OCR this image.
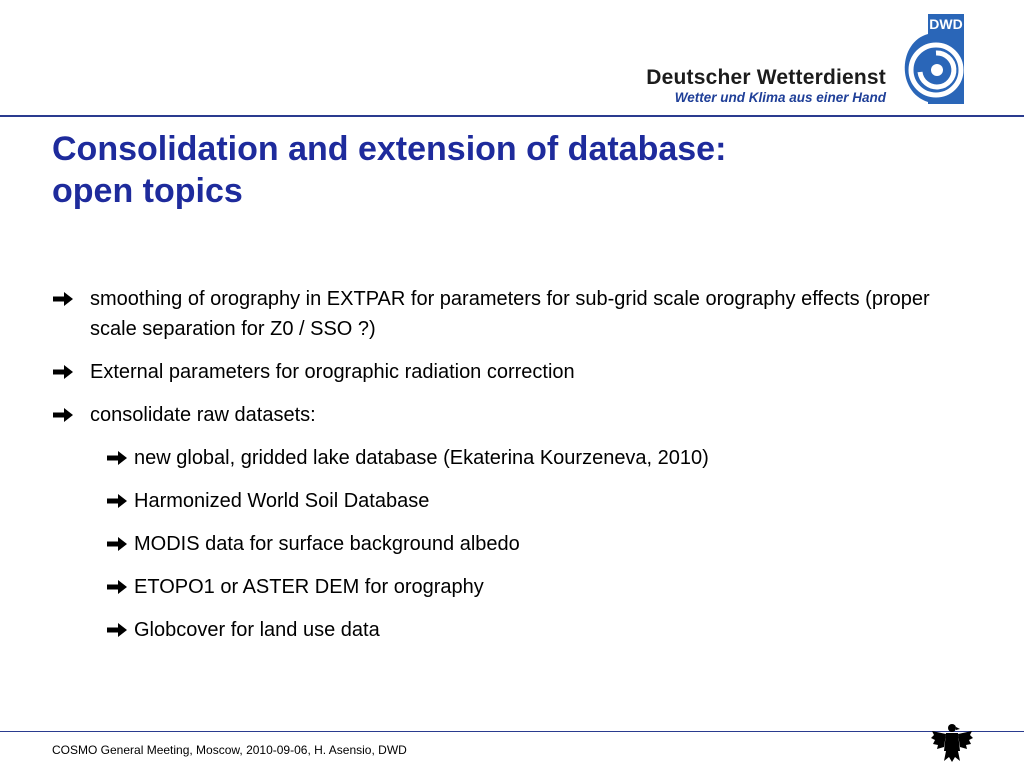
Deutscher Wetterdienst
Wetter und Klima aus einer Hand
DWD
Consolidation and extension of database:
open topics
smoothing of orography in EXTPAR for parameters for sub-grid scale orography effects (proper scale separation for Z0 / SSO ?)
External parameters for orographic radiation correction
consolidate raw datasets:
new global, gridded lake database (Ekaterina Kourzeneva, 2010)
Harmonized World Soil Database
MODIS data for surface background albedo
ETOPO1 or ASTER DEM for orography
Globcover for land use data
COSMO General Meeting, Moscow, 2010-09-06, H. Asensio, DWD
